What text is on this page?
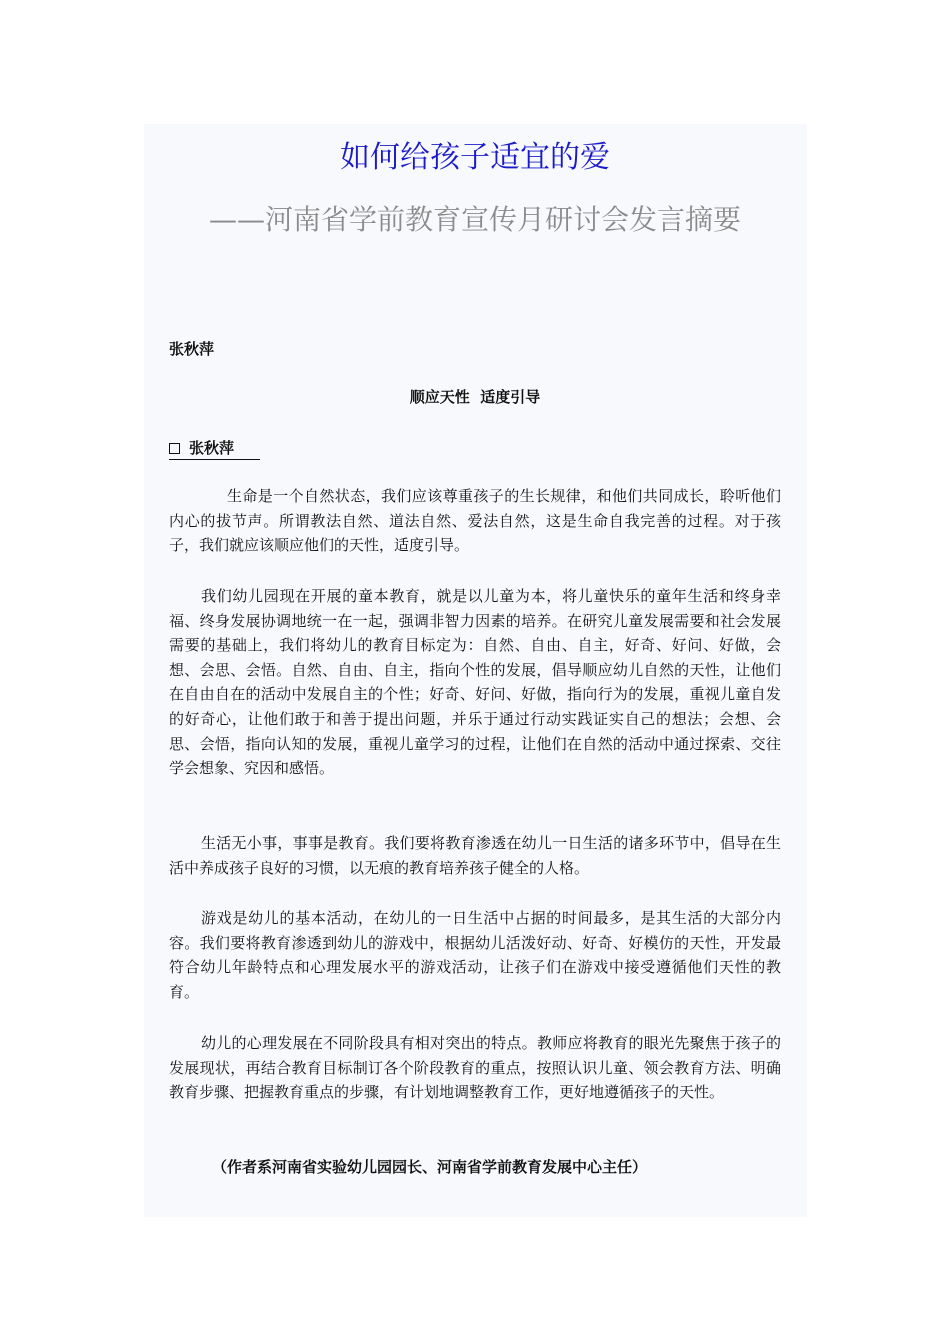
如何给孩子适宜的爱
——河南省学前教育宣传月研讨会发言摘要

张秋萍

顺应天性  适度引导

张秋萍

生命是一个自然状态，我们应该尊重孩子的生长规律，和他们共同成长，聆听他们内心的拔节声。所谓教法自然、道法自然、爱法自然，这是生命自我完善的过程。对于孩子，我们就应该顺应他们的天性，适度引导。

我们幼儿园现在开展的童本教育，就是以儿童为本，将儿童快乐的童年生活和终身幸福、终身发展协调地统一在一起，强调非智力因素的培养。在研究儿童发展需要和社会发展需要的基础上，我们将幼儿的教育目标定为：自然、自由、自主，好奇、好问、好做，会想、会思、会悟。自然、自由、自主，指向个性的发展，倡导顺应幼儿自然的天性，让他们在自由自在的活动中发展自主的个性；好奇、好问、好做，指向行为的发展，重视儿童自发的好奇心，让他们敢于和善于提出问题，并乐于通过行动实践证实自己的想法；会想、会思、会悟，指向认知的发展，重视儿童学习的过程，让他们在自然的活动中通过探索、交往学会想象、究因和感悟。

生活无小事，事事是教育。我们要将教育渗透在幼儿一日生活的诸多环节中，倡导在生活中养成孩子良好的习惯，以无痕的教育培养孩子健全的人格。

游戏是幼儿的基本活动，在幼儿的一日生活中占据的时间最多，是其生活的大部分内容。我们要将教育渗透到幼儿的游戏中，根据幼儿活泼好动、好奇、好模仿的天性，开发最符合幼儿年龄特点和心理发展水平的游戏活动，让孩子们在游戏中接受遵循他们天性的教育。

幼儿的心理发展在不同阶段具有相对突出的特点。教师应将教育的眼光先聚焦于孩子的发展现状，再结合教育目标制订各个阶段教育的重点，按照认识儿童、领会教育方法、明确教育步骤、把握教育重点的步骤，有计划地调整教育工作，更好地遵循孩子的天性。

（作者系河南省实验幼儿园园长、河南省学前教育发展中心主任）
